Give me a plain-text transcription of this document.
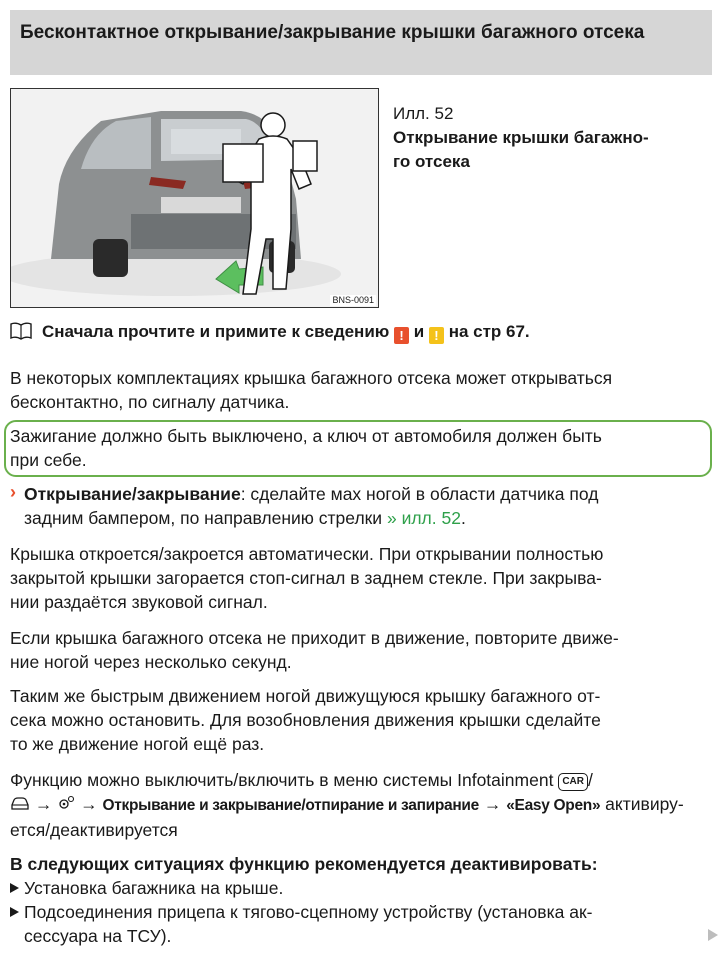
Бесконтактное открывание/закрывание крышки багажного отсека
BNS-0091
Илл. 52
Открывание крышки багажно-
го отсека
Сначала прочтите и примите к сведению ! и ! на стр 67.
В некоторых комплектациях крышка багажного отсека может открываться
бесконтактно, по сигналу датчика.
Зажигание должно быть выключено, а ключ от автомобиля должен быть
при себе.
› Открывание/закрывание: сделайте мах ногой в области датчика под
задним бампером, по направлению стрелки » илл. 52.
Крышка откроется/закроется автоматически. При открывании полностью
закрытой крышки загорается стоп-сигнал в заднем стекле. При закрыва-
нии раздаётся звуковой сигнал.
Если крышка багажного отсека не приходит в движение, повторите движе-
ние ногой через несколько секунд.
Таким же быстрым движением ногой движущуюся крышку багажного от-
сека можно остановить. Для возобновления движения крышки сделайте
то же движение ногой ещё раз.
Функцию можно выключить/включить в меню системы Infotainment CAR /
→ → Открывание и закрывание/отпирание и запирание → «Easy Open» активиру-
ется/деактивируется
В следующих ситуациях функцию рекомендуется деактивировать:
Установка багажника на крыше.
Подсоединения прицепа к тягово-сцепному устройству (установка ак-
сессуара на ТСУ).
